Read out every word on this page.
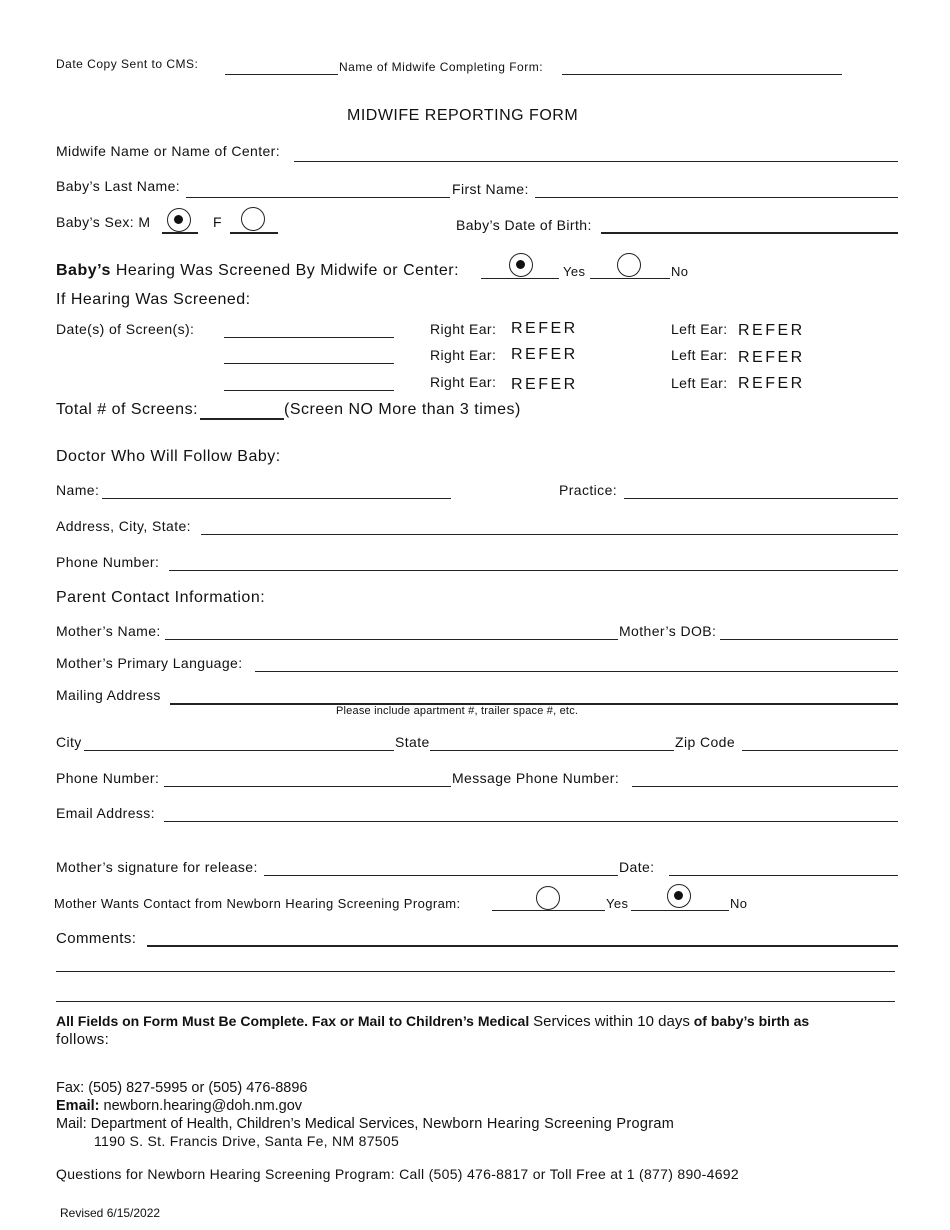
Date Copy Sent to CMS:	Name of Midwife Completing Form:
MIDWIFE REPORTING FORM
Midwife Name or Name of Center:
Baby’s Last Name:	First Name:
Baby’s Sex: M	F	Baby’s Date of Birth:
Baby’s Hearing Was Screened By Midwife or Center:	Yes	No
If Hearing Was Screened:
Date(s) of Screen(s):	Right Ear: REFER	Left Ear: REFER
Right Ear: REFER	Left Ear: REFER
Right Ear: REFER	Left Ear: REFER
Total # of Screens:	(Screen NO More than 3 times)
Doctor Who Will Follow Baby:
Name:	Practice:
Address, City, State:
Phone Number:
Parent Contact Information:
Mother’s Name:	Mother’s DOB:
Mother’s Primary Language:
Mailing Address
Please include apartment #, trailer space #, etc.
City	State	Zip Code
Phone Number:	Message Phone Number:
Email Address:
Mother’s signature for release:	Date:
Mother Wants Contact from Newborn Hearing Screening Program:	Yes	No
Comments:
All Fields on Form Must Be Complete. Fax or Mail to Children’s Medical Services within 10 days of baby’s birth as
follows:
Fax: (505) 827-5995 or (505) 476-8896
Email: newborn.hearing@doh.nm.gov
Mail: Department of Health, Children’s Medical Services, Newborn Hearing Screening Program
1190 S. St. Francis Drive, Santa Fe, NM 87505
Questions for Newborn Hearing Screening Program: Call (505) 476-8817 or Toll Free at 1 (877) 890-4692
Revised 6/15/2022
